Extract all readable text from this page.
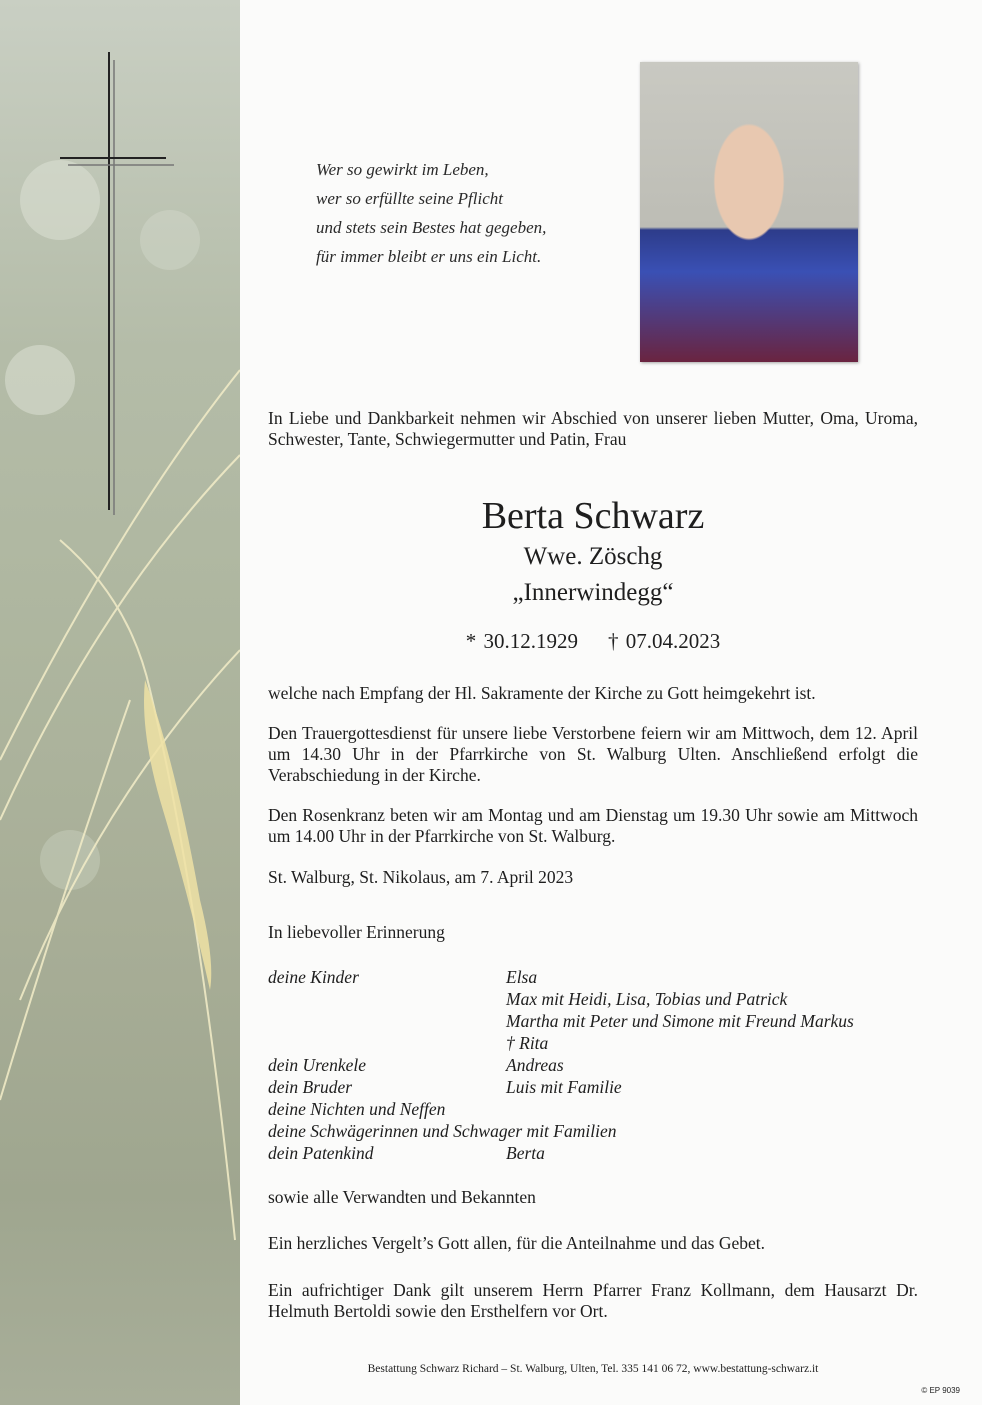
Wer so gewirkt im Leben,
wer so erfüllte seine Pflicht
und stets sein Bestes hat gegeben,
für immer bleibt er uns ein Licht.
In Liebe und Dankbarkeit nehmen wir Abschied von unserer lieben Mutter, Oma, Uroma, Schwester, Tante, Schwiegermutter und Patin, Frau
Berta Schwarz
Wwe. Zöschg
„Innerwindegg“
* 30.12.1929 † 07.04.2023
welche nach Empfang der Hl. Sakramente der Kirche zu Gott heimgekehrt ist.
Den Trauergottesdienst für unsere liebe Verstorbene feiern wir am Mittwoch, dem 12. April um 14.30 Uhr in der Pfarrkirche von St. Walburg Ulten. Anschließend erfolgt die Verabschiedung in der Kirche.
Den Rosenkranz beten wir am Montag und am Dienstag um 19.30 Uhr sowie am Mittwoch um 14.00 Uhr in der Pfarrkirche von St. Walburg.
St. Walburg, St. Nikolaus, am 7. April 2023
In liebevoller Erinnerung
deine Kinder	Elsa
Max mit Heidi, Lisa, Tobias und Patrick
Martha mit Peter und Simone mit Freund Markus
† Rita
dein Urenkele	Andreas
dein Bruder	Luis mit Familie
deine Nichten und Neffen
deine Schwägerinnen und Schwager mit Familien
dein Patenkind	Berta
sowie alle Verwandten und Bekannten
Ein herzliches Vergelt’s Gott allen, für die Anteilnahme und das Gebet.
Ein aufrichtiger Dank gilt unserem Herrn Pfarrer Franz Kollmann, dem Hausarzt Dr. Helmuth Bertoldi sowie den Ersthelfern vor Ort.
Bestattung Schwarz Richard – St. Walburg, Ulten, Tel. 335 141 06 72, www.bestattung-schwarz.it
© EP 9039
